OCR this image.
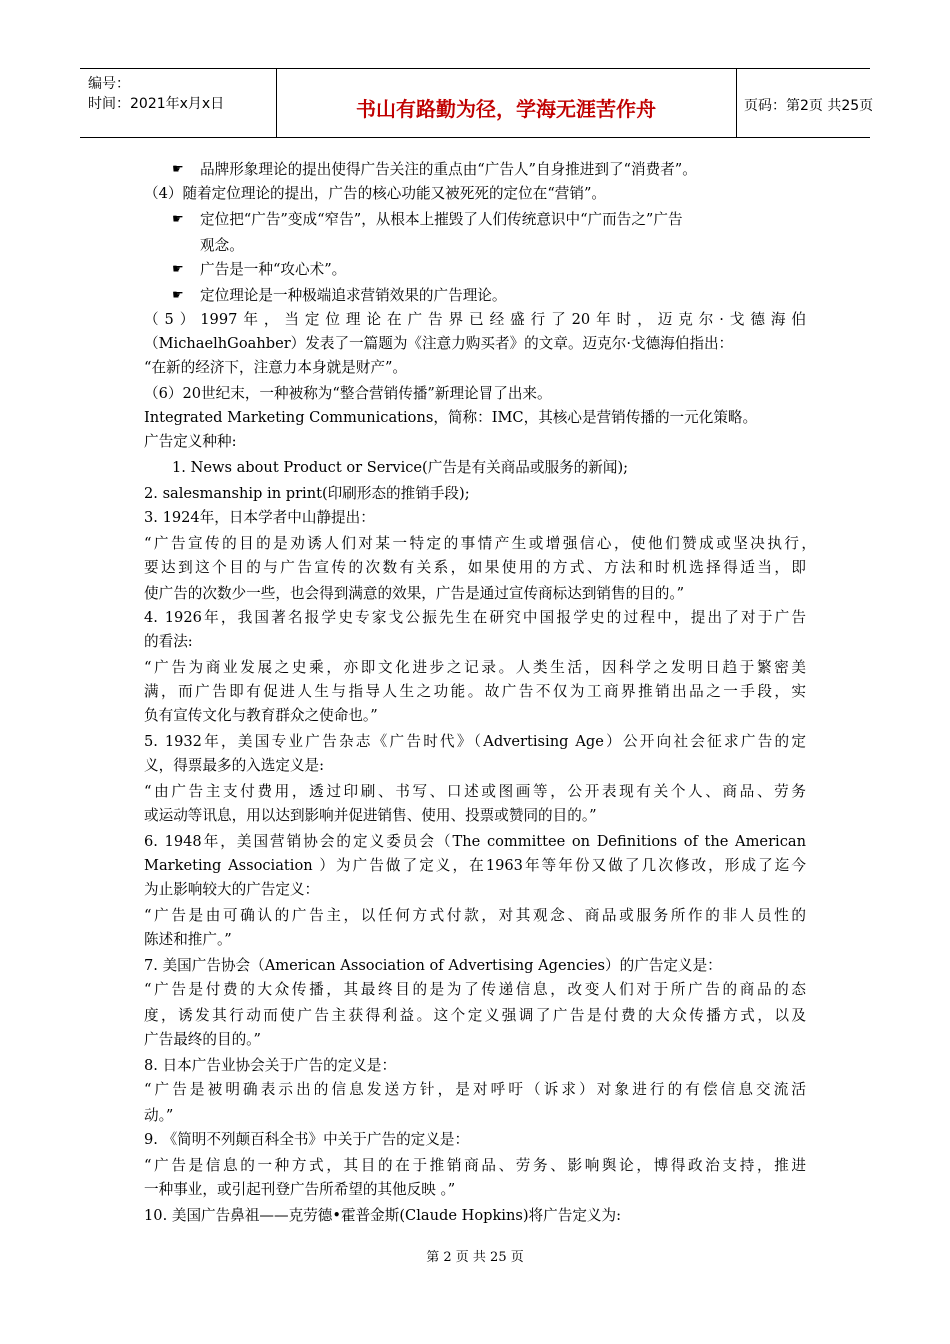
编号：
时间：2021年x月x日	书山有路勤为径，学海无涯苦作舟	页码：第2页 共25页
☛ 品牌形象理论的提出使得广告关注的重点由“广告人”自身推进到了“消费者”。
（4）随着定位理论的提出，广告的核心功能又被死死的定位在“营销”。
☛ 定位把“广告”变成“窄告”，从根本上摧毁了人们传统意识中“广而告之”广告
观念。
☛ 广告是一种“攻心术”。
☛ 定位理论是一种极端追求营销效果的广告理论。
（5）1997年，当定位理论在广告界已经盛行了20年时，迈克尔·戈德海伯
（MichaelhGoahber）发表了一篇题为《注意力购买者》的文章。迈克尔·戈德海伯指出：
“在新的经济下，注意力本身就是财产”。
（6）20世纪末，一种被称为“整合营销传播”新理论冒了出来。
Integrated Marketing Communications，简称：IMC，其核心是营销传播的一元化策略。
广告定义种种:
1. News about Product or Service(广告是有关商品或服务的新闻);
2. salesmanship in print(印刷形态的推销手段);
3. 1924年，日本学者中山静提出：
“广告宣传的目的是劝诱人们对某一特定的事情产生或增强信心，使他们赞成或坚决执行，
要达到这个目的与广告宣传的次数有关系，如果使用的方式、方法和时机选择得适当，即
使广告的次数少一些，也会得到满意的效果，广告是通过宣传商标达到销售的目的。”
4. 1926年，我国著名报学史专家戈公振先生在研究中国报学史的过程中，提出了对于广告
的看法:
“广告为商业发展之史乘，亦即文化进步之记录。人类生活，因科学之发明日趋于繁密美
满，而广告即有促进人生与指导人生之功能。故广告不仅为工商界推销出品之一手段，实
负有宣传文化与教育群众之使命也。”
5. 1932年，美国专业广告杂志《广告时代》（Advertising Age）公开向社会征求广告的定
义，得票最多的入选定义是:
“由广告主支付费用，透过印刷、书写、口述或图画等，公开表现有关个人、商品、劳务
或运动等讯息，用以达到影响并促进销售、使用、投票或赞同的目的。”
6. 1948年，美国营销协会的定义委员会（The committee on Definitions of the American
Marketing Association ）为广告做了定义，在1963年等年份又做了几次修改，形成了迄今
为止影响较大的广告定义：
“广告是由可确认的广告主，以任何方式付款，对其观念、商品或服务所作的非人员性的
陈述和推广。”
7. 美国广告协会（American Association of Advertising Agencies）的广告定义是：
“广告是付费的大众传播，其最终目的是为了传递信息，改变人们对于所广告的商品的态
度，诱发其行动而使广告主获得利益。这个定义强调了广告是付费的大众传播方式，以及
广告最终的目的。”
8. 日本广告业协会关于广告的定义是：
“广告是被明确表示出的信息发送方针，是对呼吁（诉求）对象进行的有偿信息交流活
动。”
9. 《简明不列颠百科全书》中关于广告的定义是：
“广告是信息的一种方式，其目的在于推销商品、劳务、影响舆论，博得政治支持，推进
一种事业，或引起刊登广告所希望的其他反映 。”
10. 美国广告鼻祖——克劳德•霍普金斯(Claude Hopkins)将广告定义为:
第 2 页 共 25 页
